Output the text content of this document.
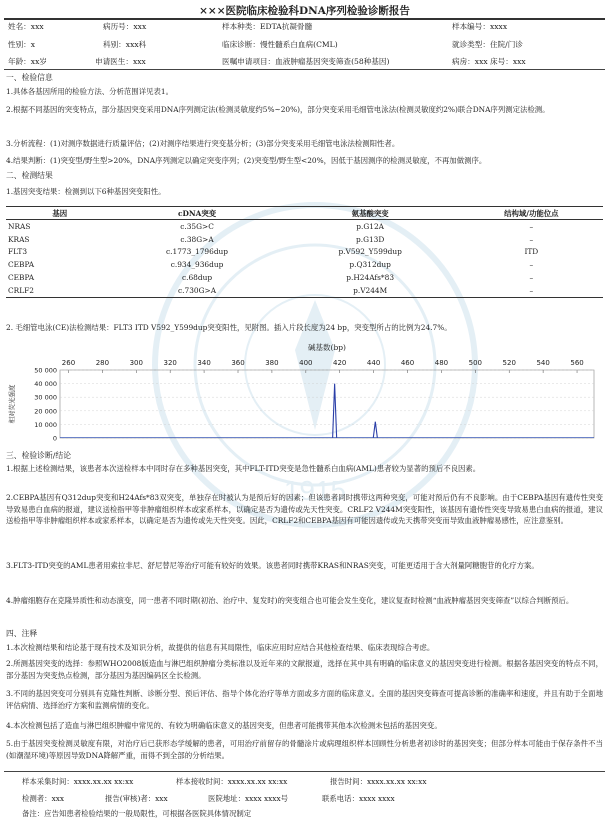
1915
×××医院临床检验科DNA序列检验诊断报告
姓名：xxx	病历号：xxx	样本种类：EDTA抗凝骨髓	样本编号：xxxx
性别：x	科别：xxx科	临床诊断：慢性髓系白血病(CML)	就诊类型：住院/门诊
年龄：xx岁	申请医生：xxx	医嘱申请项目：血液肿瘤基因突变筛查(58种基因)	病房：xxx 床号：xxx
一、检验信息
1.具体各基因所用的检验方法、分析范围详见表1。
2.根据不同基因的突变特点，部分基因突变采用DNA序列测定法(检测灵敏度约5%~20%)，部分突变采用毛细管电泳法(检测灵敏度约2%)联合DNA序列测定法检测。
3.分析流程：(1)对测序数据进行质量评估；(2)对测序结果进行突变基分析；(3)部分突变采用毛细管电泳法检测阳性者。
4.结果判断：(1)突变型/野生型>20%，DNA序列测定以确定突变序列；(2)突变型/野生型<20%，因低于基因测序的检测灵敏度，不再加做测序。
二、检测结果
1.基因突变结果：检测到以下6种基因突变阳性。
基因	cDNA突变	氨基酸突变	结构域/功能位点
NRAS	c.35G>C	p.G12A	–
KRAS	c.38G>A	p.G13D	–
FLT3	c.1773_1796dup	p.V592_Y599dup	ITD
CEBPA	c.934_936dup	p.Q312dup	–
CEBPA	c.68dup	p.H24Afs*83	–
CRLF2	c.730G>A	p.V244M	–
2. 毛细管电泳(CE)法检测结果：FLT3 ITD V592_Y599dup突变阳性，见附图。插入片段长度为24 bp，突变型所占的比例为24.7%。
碱基数(bp)
260	280	300	320	340	360	380	400	420	440	460	480	500	520	540	560
50 000
40 000
30 000
20 000
10 000
0
相对荧光强度
三、检验诊断/结论
1.根据上述检测结果，该患者本次送检样本中同时存在多种基因突变，其中FLT-ITD突变是急性髓系白血病(AML)患者较为显著的预后不良因素。
2.CEBPA基因有Q312dup突变和H24Afs*83双突变，单独存在时被认为是预后好的因素；但该患者同时携带这两种突变，可能对预后仍有不良影响。由于CEBPA基因有遗传性突变导致易患白血病的报道，建议送检指甲等非肿瘤组织样本或家系样本，以确定是否为遗传或先天性突变。CRLF2 V244M突变阳性，该基因有遗传性突变导致易患白血病的报道，建议送检指甲等非肿瘤组织样本或家系样本，以确定是否为遗传或先天性突变。因此，CRLF2和CEBPA基因有可能因遗传或先天携带突变而导致血液肿瘤易感性，应注意鉴别。
3.FLT3-ITD突变的AML患者用索拉非尼、舒尼替尼等治疗可能有较好的效果。该患者同时携带KRAS和NRAS突变，可能更适用于含大剂量阿糖胞苷的化疗方案。
4.肿瘤细胞存在克隆异质性和动态演变，同一患者不同时期(初治、治疗中、复发时)的突变组合也可能会发生变化，建议复查时检测“血液肿瘤基因突变筛查”以综合判断预后。
四、注释
1.本次检测结果和结论基于现有技术及知识分析，故提供的信息有其局限性，临床应用时应结合其他检查结果、临床表现综合考虑。
2.所测基因突变的选择：参照WHO2008版造血与淋巴组织肿瘤分类标准以及近年来的文献报道，选择在其中具有明确的临床意义的基因突变进行检测。根据各基因突变的特点不同，部分基因为突变热点检测，部分基因为基因编码区全长检测。
3.不同的基因突变可分别具有克隆性判断、诊断分型、预后评估、指导个体化治疗等单方面或多方面的临床意义。全面的基因突变筛查可提高诊断的准确率和速度，并且有助于全面地评估病情、选择治疗方案和监测病情的变化。
4.本次检测包括了造血与淋巴组织肿瘤中常见的、有较为明确临床意义的基因突变，但患者可能携带其他本次检测未包括的基因突变。
5.由于基因突变检测灵敏度有限，对治疗后已获形态学缓解的患者，可用治疗前留存的骨髓涂片或病理组织样本回顾性分析患者初诊时的基因突变；但部分样本可能由于保存条件不当(如潮湿环境)等原因导致DNA降解严重，而得不到全部的分析结果。
样本采集时间：xxxx.xx.xx xx:xx	样本接收时间：xxxx.xx.xx xx:xx	报告时间：xxxx.xx.xx xx:xx
检测者：xxx	报告(审核)者：xxx	医院地址：xxxx xxxx号	联系电话：xxxx xxxx
备注：应告知患者检验结果的一般局限性，可根据各医院具体情况制定
